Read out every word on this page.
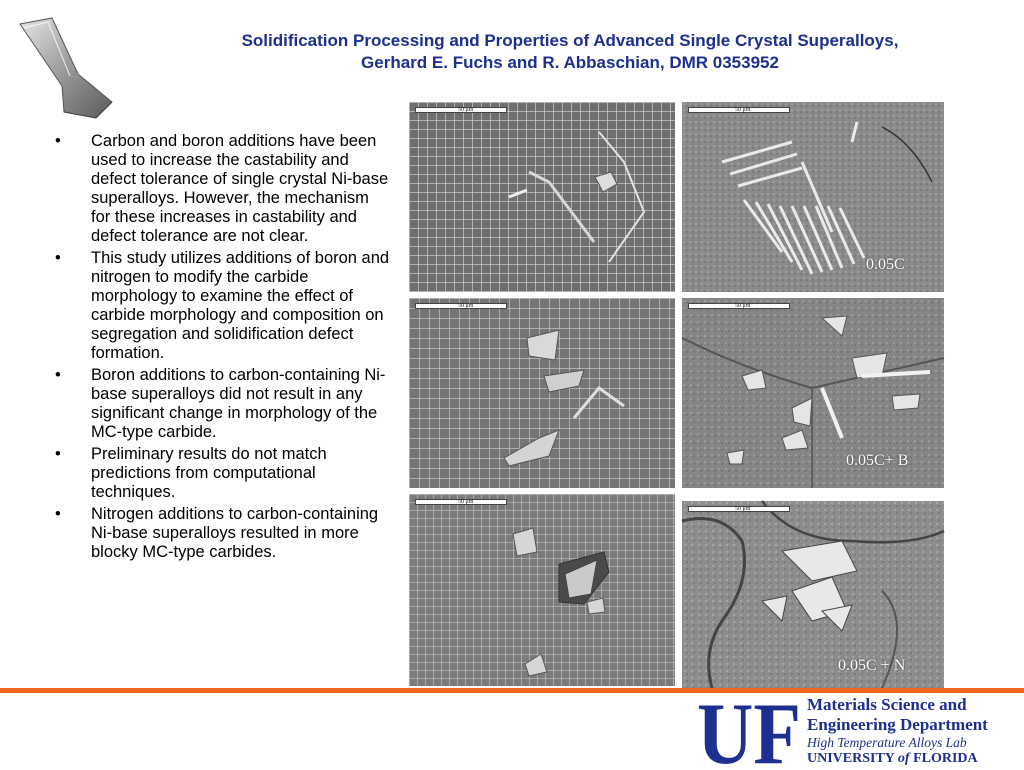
Solidification Processing and Properties of Advanced Single Crystal Superalloys,
Gerhard E. Fuchs and R. Abbaschian, DMR 0353952
• Carbon and boron additions have been used to increase the castability and defect tolerance of single crystal Ni-base superalloys. However, the mechanism for these increases in castability and defect tolerance are not clear.
• This study utilizes additions of boron and nitrogen to modify the carbide morphology to examine the effect of carbide morphology and composition on segregation and solidification defect formation.
• Boron additions to carbon-containing Ni-base superalloys did not result in any significant change in morphology of the MC-type carbide.
• Preliminary results do not match predictions from computational techniques.
• Nitrogen additions to carbon-containing Ni-base superalloys resulted in more blocky MC-type carbides.
50 μm	50 μm
0.05C
50 μm	50 μm
0.05C+ B
50 μm
50 μm
0.05C + N
UF Materials Science and
Engineering Department
High Temperature Alloys Lab
UNIVERSITY of FLORIDA
